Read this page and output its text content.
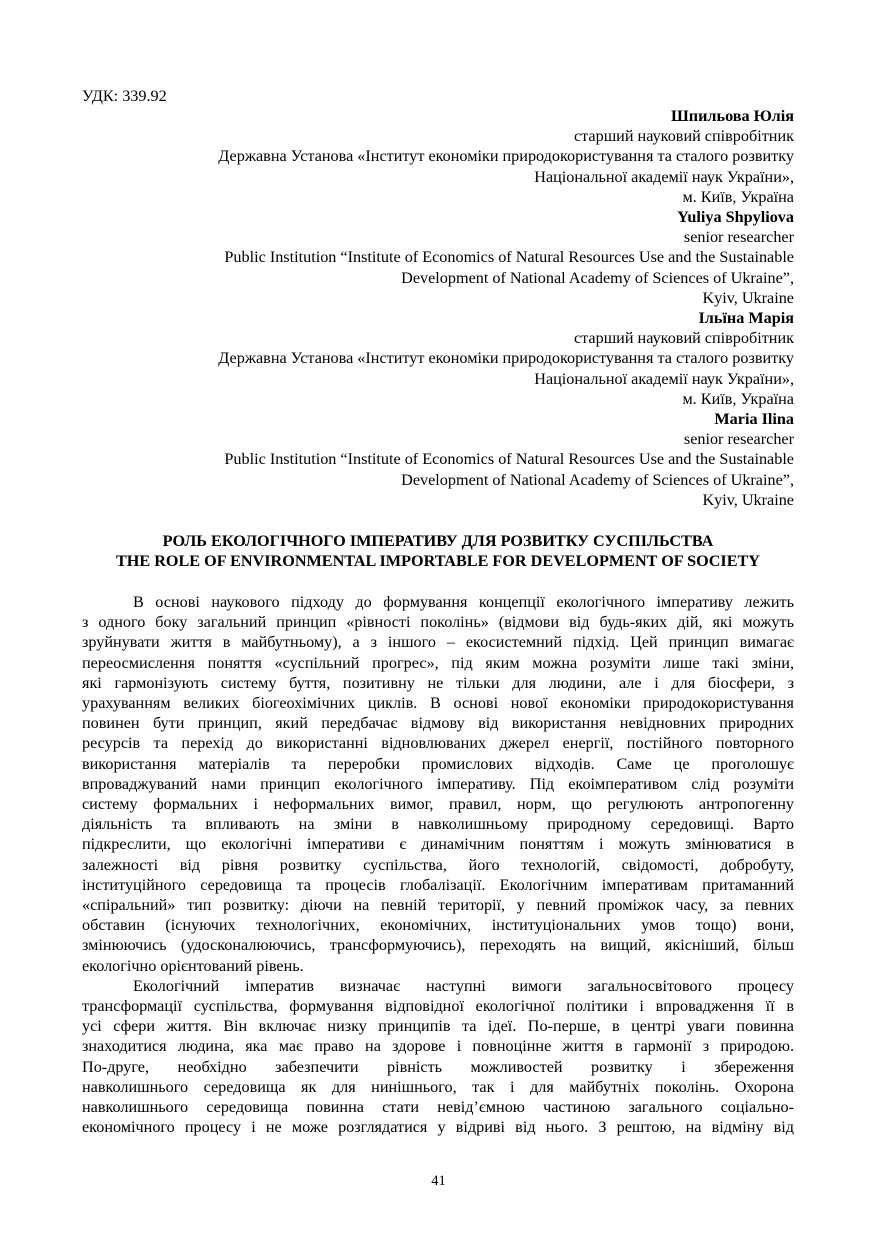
УДК: 339.92
Шпильова Юлія
старший науковий співробітник
Державна Установа «Інститут економіки природокористування та сталого розвитку
Національної академії наук України»,
м. Київ, Україна
Yuliya Shpyliova
senior researcher
Public Institution “Institute of Economics of Natural Resources Use and the Sustainable
Development of National Academy of Sciences of Ukraine”,
Kyiv, Ukraine
Ільїна Марія
старший науковий співробітник
Державна Установа «Інститут економіки природокористування та сталого розвитку
Національної академії наук України»,
м. Київ, Україна
Maria Ilina
senior researcher
Public Institution “Institute of Economics of Natural Resources Use and the Sustainable
Development of National Academy of Sciences of Ukraine”,
Kyiv, Ukraine
РОЛЬ ЕКОЛОГІЧНОГО ІМПЕРАТИВУ ДЛЯ РОЗВИТКУ СУСПІЛЬСТВА
THE ROLE OF ENVIRONMENTAL IMPORTABLE FOR DEVELOPMENT OF SOCIETY

В основі наукового підходу до формування концепції екологічного імперативу лежить
з одного боку загальний принцип «рівності поколінь» (відмови від будь-яких дій, які можуть
зруйнувати життя в майбутньому), а з іншого – екосистемний підхід. Цей принцип вимагає
переосмислення поняття «суспільний прогрес», під яким можна розуміти лише такі зміни,
які гармонізують систему буття, позитивну не тільки для людини, але і для біосфери, з
урахуванням великих біогеохімічних циклів. В основі нової економіки природокористування
повинен бути принцип, який передбачає відмову від використання невідновних природних
ресурсів та перехід до використанні відновлюваних джерел енергії, постійного повторного
використання матеріалів та переробки промислових відходів. Саме це проголошує
впроваджуваний нами принцип екологічного імперативу. Під екоімперативом слід розуміти
систему формальних і неформальних вимог, правил, норм, що регулюють антропогенну
діяльність та впливають на зміни в навколишньому природному середовищі. Варто
підкреслити, що екологічні імперативи є динамічним поняттям і можуть змінюватися в
залежності від рівня розвитку суспільства, його технологій, свідомості, добробуту,
інституційного середовища та процесів глобалізації. Екологічним імперативам притаманний
«спіральний» тип розвитку: діючи на певній території, у певний проміжок часу, за певних
обставин (існуючих технологічних, економічних, інституціональних умов тощо) вони,
змінюючись (удосконалюючись, трансформуючись), переходять на вищий, якісніший, більш
екологічно орієнтований рівень.

Екологічний імператив визначає наступні вимоги загальносвітового процесу
трансформації суспільства, формування відповідної екологічної політики і впровадження її в
усі сфери життя. Він включає низку принципів та ідеї. По-перше, в центрі уваги повинна
знаходитися людина, яка має право на здорове і повноцінне життя в гармонії з природою.
По-друге, необхідно забезпечити рівність можливостей розвитку і збереження
навколишнього середовища як для нинішнього, так і для майбутніх поколінь. Охорона
навколишнього середовища повинна стати невід’ємною частиною загального соціально-
економічного процесу і не може розглядатися у відриві від нього. З рештою, на відміну від

41
